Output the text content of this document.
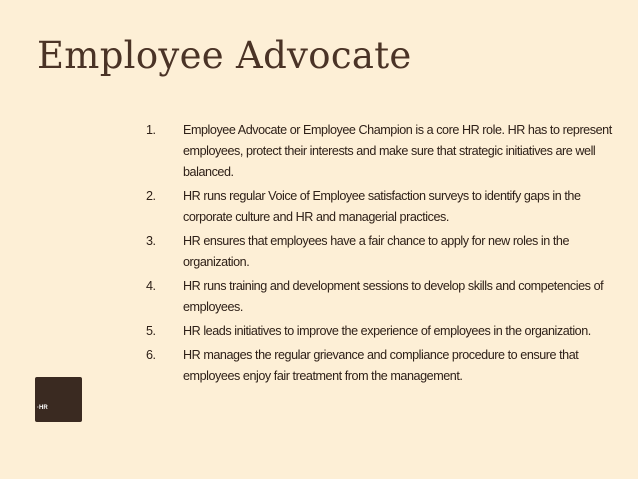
Employee Advocate
1.	Employee Advocate or Employee Champion is a core HR role. HR has to represent employees, protect their interests and make sure that strategic initiatives are well balanced.
2.	HR runs regular Voice of Employee satisfaction surveys to identify gaps in the corporate culture and HR and managerial practices.
3.	HR ensures that employees have a fair chance to apply for new roles in the organization.
4.	HR runs training and development sessions to develop skills and competencies of employees.
5.	HR leads initiatives to improve the experience of employees in the organization.
6.	HR manages the regular grievance and compliance procedure to ensure that employees enjoy fair treatment from the management.
·HR
